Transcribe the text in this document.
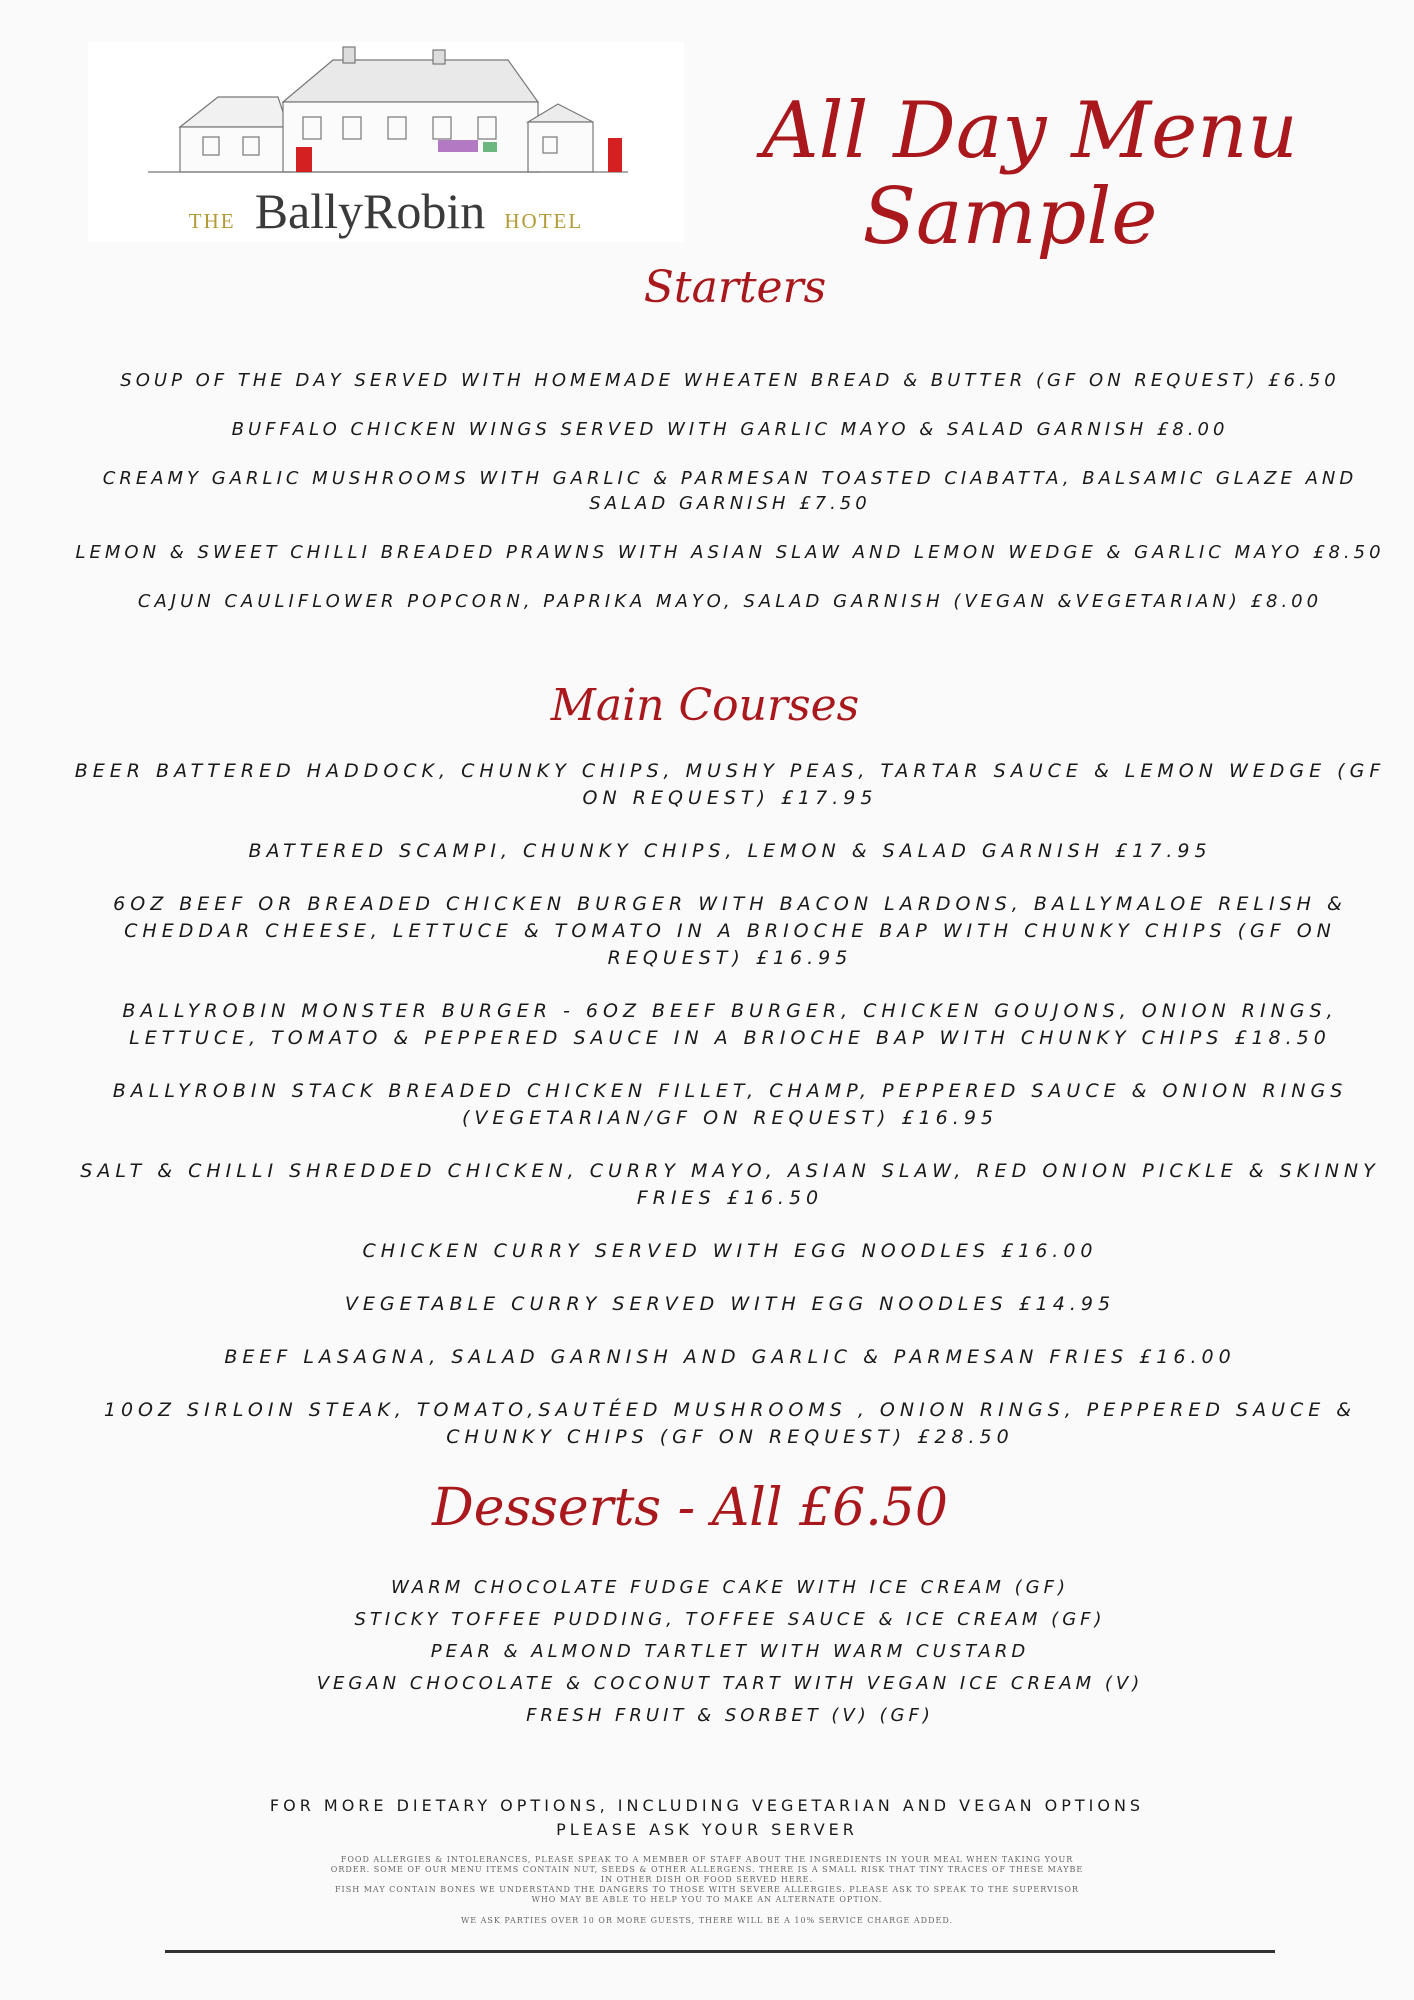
THE BallyRobin HOTEL
All Day Menu
Sample
Starters
SOUP OF THE DAY SERVED WITH HOMEMADE WHEATEN BREAD & BUTTER (GF ON REQUEST) £6.50
BUFFALO CHICKEN WINGS SERVED WITH GARLIC MAYO & SALAD GARNISH £8.00
CREAMY GARLIC MUSHROOMS WITH GARLIC & PARMESAN TOASTED CIABATTA, BALSAMIC GLAZE AND SALAD GARNISH £7.50
LEMON & SWEET CHILLI BREADED PRAWNS WITH ASIAN SLAW AND LEMON WEDGE & GARLIC MAYO £8.50
CAJUN CAULIFLOWER POPCORN, PAPRIKA MAYO, SALAD GARNISH (VEGAN &VEGETARIAN) £8.00
Main Courses
BEER BATTERED HADDOCK, CHUNKY CHIPS, MUSHY PEAS, TARTAR SAUCE & LEMON WEDGE (GF ON REQUEST) £17.95
BATTERED SCAMPI, CHUNKY CHIPS, LEMON & SALAD GARNISH £17.95
6OZ BEEF OR BREADED CHICKEN BURGER WITH BACON LARDONS, BALLYMALOE RELISH & CHEDDAR CHEESE, LETTUCE & TOMATO IN A BRIOCHE BAP WITH CHUNKY CHIPS (GF ON REQUEST) £16.95
BALLYROBIN MONSTER BURGER - 6OZ BEEF BURGER, CHICKEN GOUJONS, ONION RINGS, LETTUCE, TOMATO & PEPPERED SAUCE IN A BRIOCHE BAP WITH CHUNKY CHIPS £18.50
BALLYROBIN STACK BREADED CHICKEN FILLET, CHAMP, PEPPERED SAUCE & ONION RINGS (VEGETARIAN/GF ON REQUEST) £16.95
SALT & CHILLI SHREDDED CHICKEN, CURRY MAYO, ASIAN SLAW, RED ONION PICKLE & SKINNY FRIES £16.50
CHICKEN CURRY SERVED WITH EGG NOODLES £16.00
VEGETABLE CURRY SERVED WITH EGG NOODLES £14.95
BEEF LASAGNA, SALAD GARNISH AND GARLIC & PARMESAN FRIES £16.00
10OZ SIRLOIN STEAK, TOMATO,SAUTÉED MUSHROOMS , ONION RINGS, PEPPERED SAUCE & CHUNKY CHIPS (GF ON REQUEST) £28.50
Desserts - All £6.50
WARM CHOCOLATE FUDGE CAKE WITH ICE CREAM (GF)
STICKY TOFFEE PUDDING, TOFFEE SAUCE & ICE CREAM (GF)
PEAR & ALMOND TARTLET WITH WARM CUSTARD
VEGAN CHOCOLATE & COCONUT TART WITH VEGAN ICE CREAM (V)
FRESH FRUIT & SORBET (V) (GF)
FOR MORE DIETARY OPTIONS, INCLUDING VEGETARIAN AND VEGAN OPTIONS
PLEASE ASK YOUR SERVER
FOOD ALLERGIES & INTOLERANCES, PLEASE SPEAK TO A MEMBER OF STAFF ABOUT THE INGREDIENTS IN YOUR MEAL WHEN TAKING YOUR ORDER. SOME OF OUR MENU ITEMS CONTAIN NUT, SEEDS & OTHER ALLERGENS. THERE IS A SMALL RISK THAT TINY TRACES OF THESE MAYBE IN OTHER DISH OR FOOD SERVED HERE.
FISH MAY CONTAIN BONES WE UNDERSTAND THE DANGERS TO THOSE WITH SEVERE ALLERGIES. PLEASE ASK TO SPEAK TO THE SUPERVISOR WHO MAY BE ABLE TO HELP YOU TO MAKE AN ALTERNATE OPTION.
WE ASK PARTIES OVER 10 OR MORE GUESTS, THERE WILL BE A 10% SERVICE CHARGE ADDED.
